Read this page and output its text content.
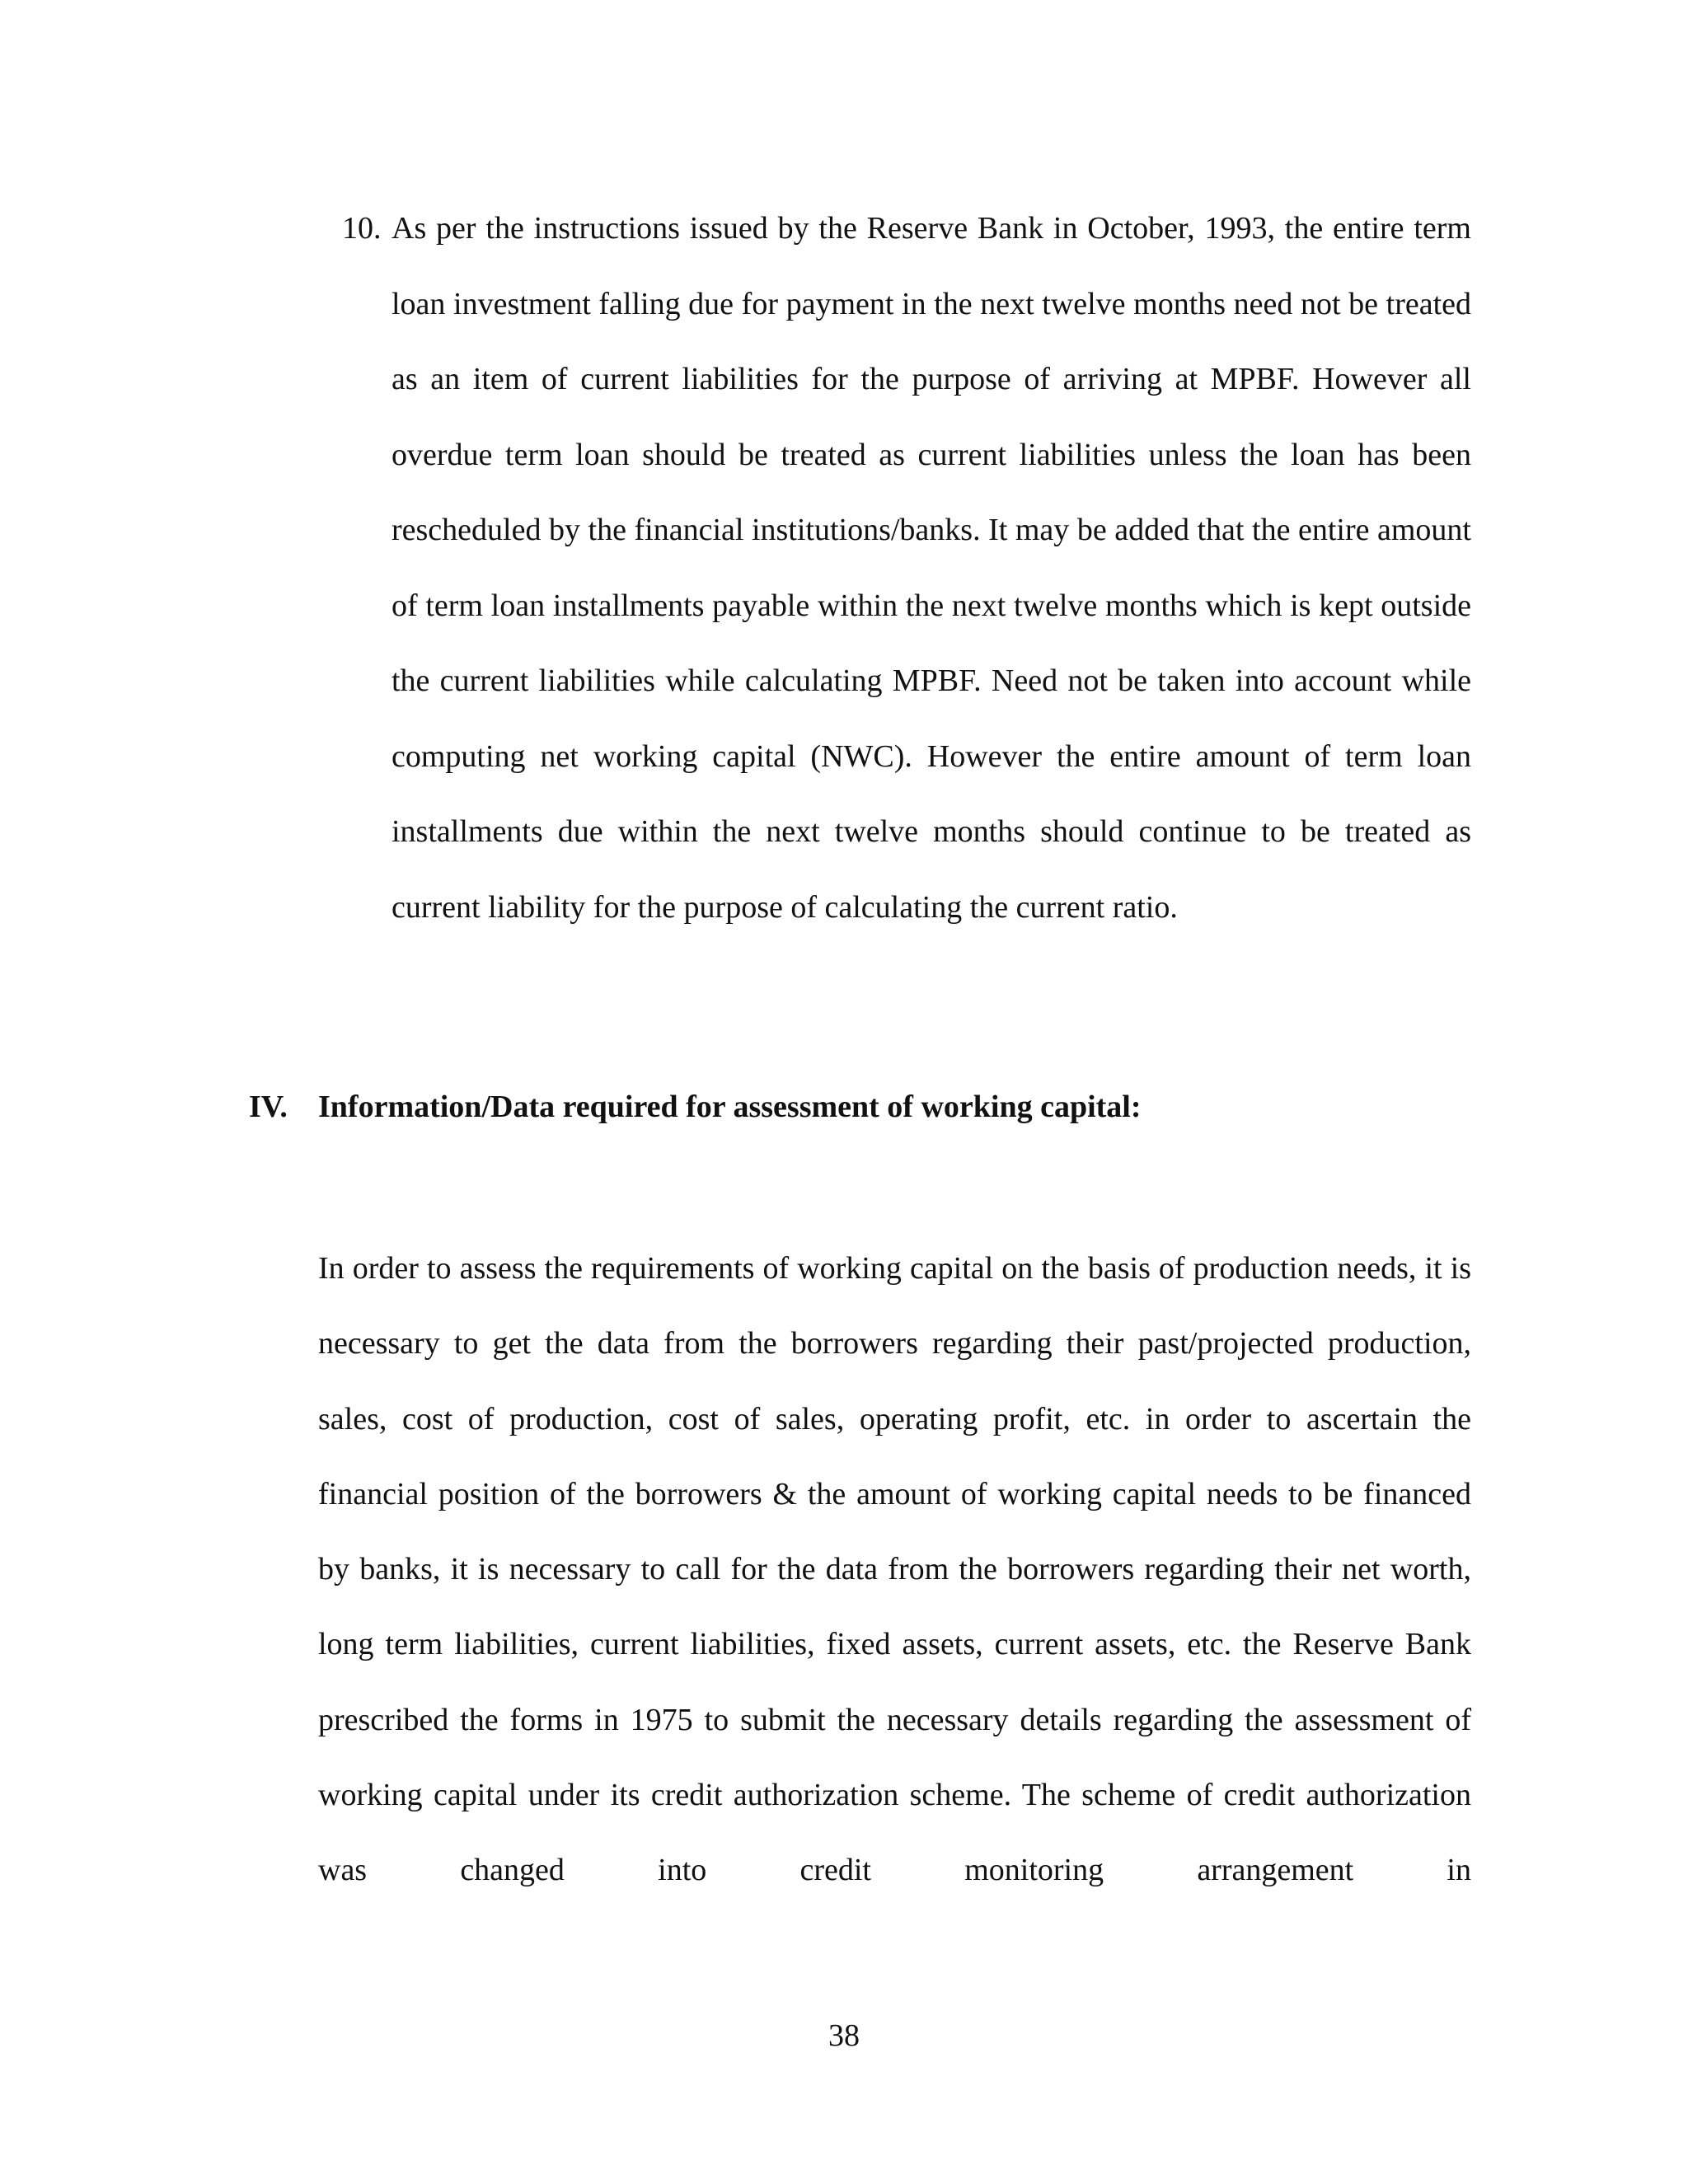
10. As per the instructions issued by the Reserve Bank in October, 1993, the entire term loan investment falling due for payment in the next twelve months need not be treated as an item of current liabilities for the purpose of arriving at MPBF. However all overdue term loan should be treated as current liabilities unless the loan has been rescheduled by the financial institutions/banks. It may be added that the entire amount of term loan installments payable within the next twelve months which is kept outside the current liabilities while calculating MPBF. Need not be taken into account while computing net working capital (NWC). However the entire amount of term loan installments due within the next twelve months should continue to be treated as current liability for the purpose of calculating the current ratio.
IV. Information/Data required for assessment of working capital:
In order to assess the requirements of working capital on the basis of production needs, it is necessary to get the data from the borrowers regarding their past/projected production, sales, cost of production, cost of sales, operating profit, etc. in order to ascertain the financial position of the borrowers & the amount of working capital needs to be financed by banks, it is necessary to call for the data from the borrowers regarding their net worth, long term liabilities, current liabilities, fixed assets, current assets, etc. the Reserve Bank prescribed the forms in 1975 to submit the necessary details regarding the assessment of working capital under its credit authorization scheme. The scheme of credit authorization was changed into credit monitoring arrangement in
38
